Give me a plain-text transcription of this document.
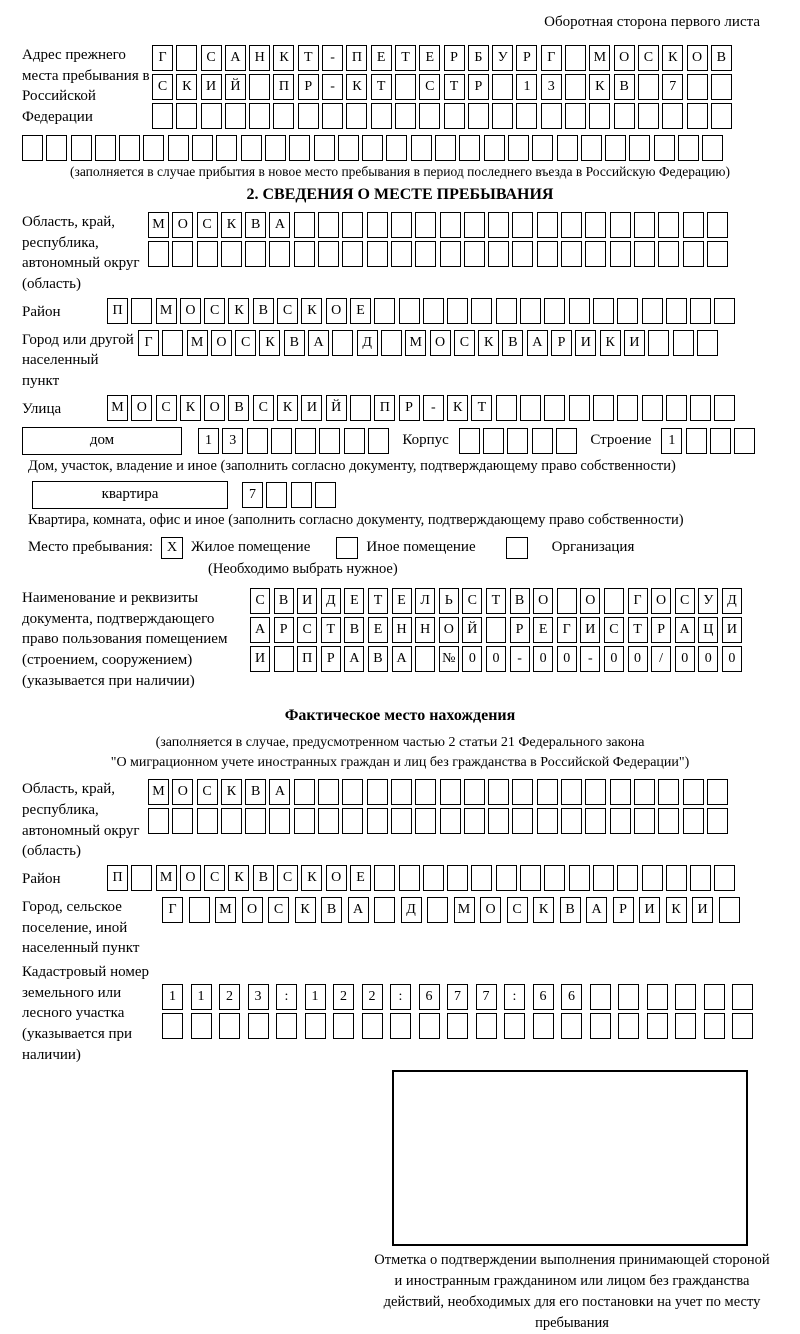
Оборотная сторона первого листа
Адрес прежнего места пребывания в Российской Федерации
Г	С	А	Н	К	Т	-	П	Е	Т	Е	Р	Б	У	Р	Г	М О	С	К	О	В
С	К	И	Й	П	Р	-	К	Т	С	Т	Р	1	3	К	В	7
(заполняется в случае прибытия в новое место пребывания в период последнего въезда в Российскую Федерацию)
2. СВЕДЕНИЯ О МЕСТЕ ПРЕБЫВАНИЯ
Область, край, республика, автономный округ (область)
М О	С	К	В	А
Район	П	М О	С	К	В	С	К	О	Е
Город или другой населенный пункт
Г	М О	С	К	В	А	Д	М О	С	К	В	А	Р	И	К	И
Улица	М О	С	К	О	В	С	К	И	Й	П	Р	-	К	Т
дом	1	3	Корпус	Строение	1
Дом, участок, владение и иное (заполнить согласно документу, подтверждающему право собственности)
квартира	7
Квартира, комната, офис и иное (заполнить согласно документу, подтверждающему право собственности)
Место пребывания: X Жилое помещение	Иное помещение	Организация
(Необходимо выбрать нужное)
Наименование и реквизиты документа, подтверждающего право пользования помещением (строением, сооружением) (указывается при наличии)
С	В И Д	Е	Т	Е	Л	Ь	С	Т	В О	О	Г	О С У Д
А	Р	С	Т	В	Е	Н Н О Й	Р	Е	Г	И С	Т	Р	А Ц И
И	П	Р	А В А	№ 0	0	-	0	0	-	0	0	/	0	0	0
Фактическое место нахождения
(заполняется в случае, предусмотренном частью 2 статьи 21 Федерального закона
"О миграционном учете иностранных граждан и лиц без гражданства в Российской Федерации")
Область, край, республика, автономный округ (область)
М О	С	К	В	А
Район	П	М О	С	К	В	С	К	О	Е
Город, сельское поселение, иной населенный пункт
Г	М	О	С	К	В	А	Д	М	О	С	К	В	А	Р	И	К	И
Кадастровый номер земельного или лесного участка (указывается при наличии)
1	1	2	3	:	1	2	2	:	6	7	7	:	6	6
Отметка о подтверждении выполнения принимающей стороной и иностранным гражданином или лицом без гражданства действий, необходимых для его постановки на учет по месту пребывания
